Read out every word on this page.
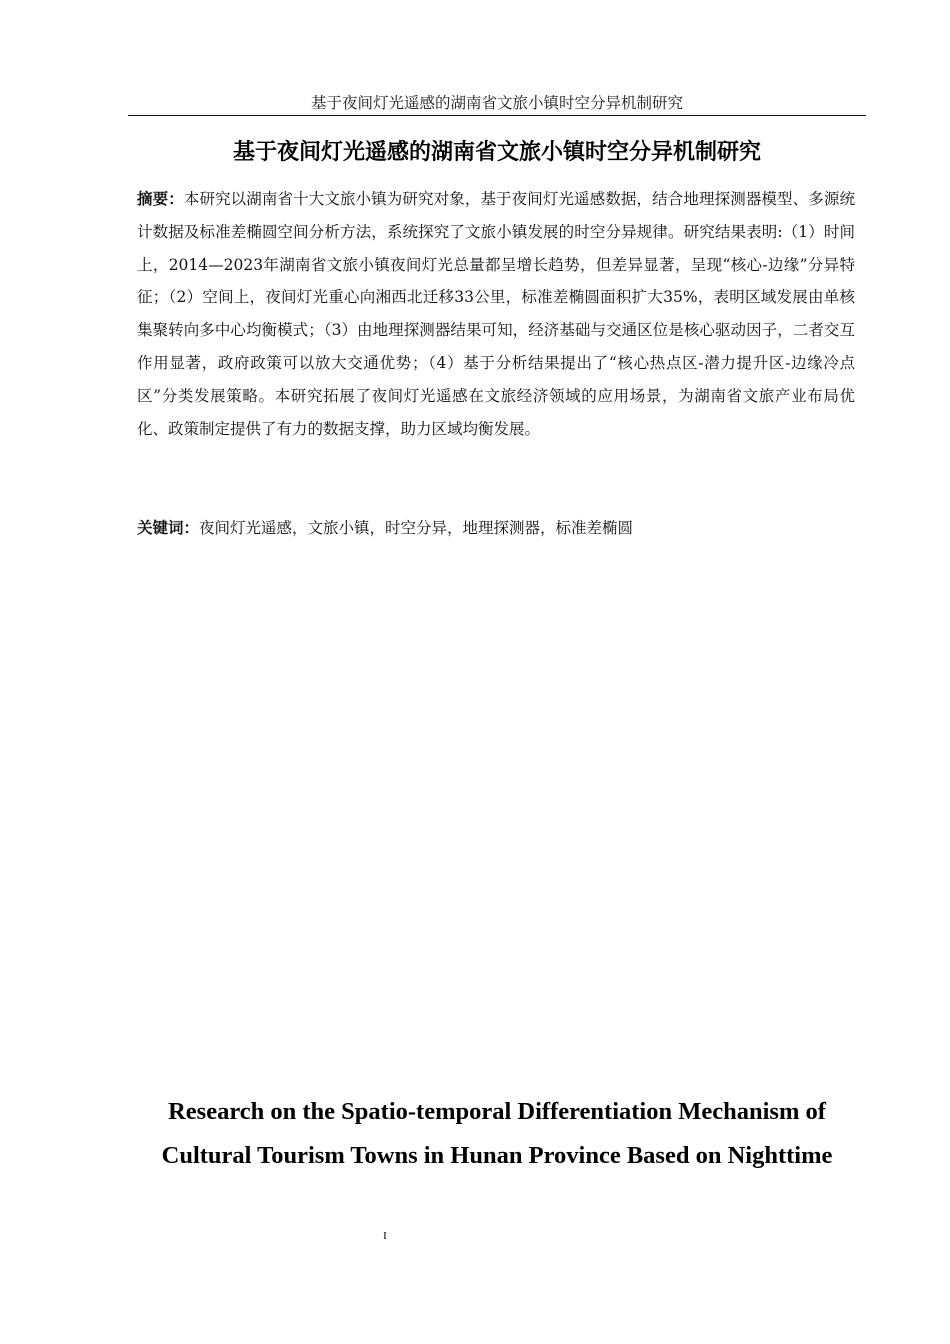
基于夜间灯光遥感的湖南省文旅小镇时空分异机制研究
基于夜间灯光遥感的湖南省文旅小镇时空分异机制研究

摘要：本研究以湖南省十大文旅小镇为研究对象，基于夜间灯光遥感数据，结合地理探测器模型、多源统计数据及标准差椭圆空间分析方法，系统探究了文旅小镇发展的时空分异规律。研究结果表明:（1）时间上，2014—2023年湖南省文旅小镇夜间灯光总量都呈增长趋势，但差异显著，呈现“核心-边缘”分异特征；（2）空间上，夜间灯光重心向湘西北迁移33公里，标准差椭圆面积扩大35%，表明区域发展由单核集聚转向多中心均衡模式；（3）由地理探测器结果可知，经济基础与交通区位是核心驱动因子，二者交互作用显著，政府政策可以放大交通优势；（4）基于分析结果提出了“核心热点区-潜力提升区-边缘冷点区”分类发展策略。本研究拓展了夜间灯光遥感在文旅经济领域的应用场景，为湖南省文旅产业布局优化、政策制定提供了有力的数据支撑，助力区域均衡发展。

关键词：夜间灯光遥感，文旅小镇，时空分异，地理探测器，标准差椭圆

Research on the Spatio-temporal Differentiation Mechanism of
Cultural Tourism Towns in Hunan Province Based on Nighttime
I
